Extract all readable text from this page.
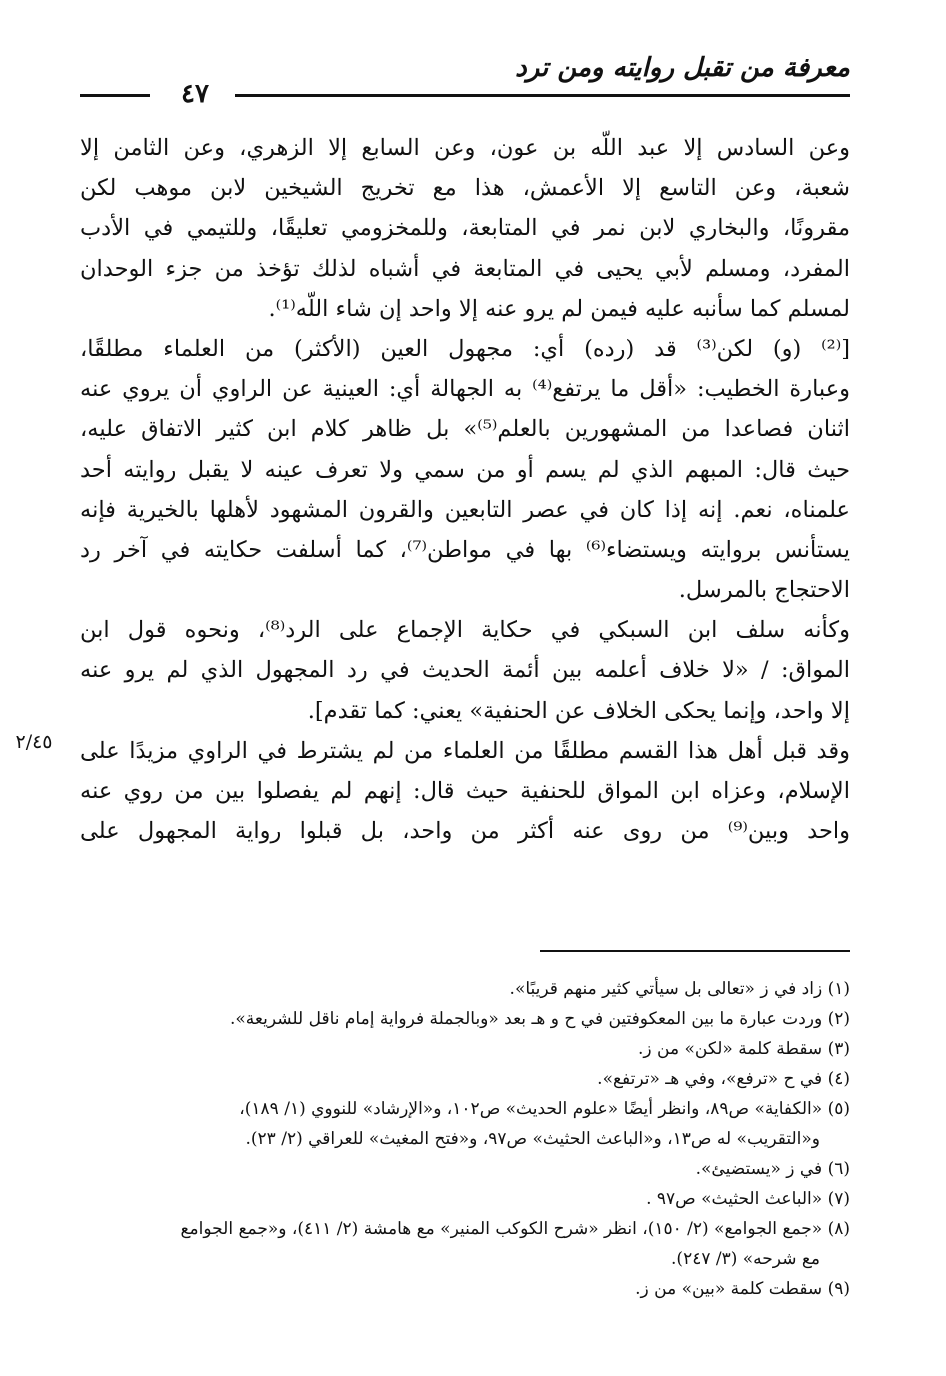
معرفة من تقبل روايته ومن ترد
٤٧
وعن السادس إلا عبد اللّه بن عون، وعن السابع إلا الزهري، وعن الثامن إلا
شعبة، وعن التاسع إلا الأعمش، هذا مع تخريج الشيخين لابن موهب لكن
مقرونًا، والبخاري لابن نمر في المتابعة، وللمخزومي تعليقًا، وللتيمي في الأدب
المفرد، ومسلم لأبي يحيى في المتابعة في أشباه لذلك تؤخذ من جزء الوحدان
لمسلم كما سأنبه عليه فيمن لم يرو عنه إلا واحد إن شاء اللّه⁽¹⁾.
[⁽²⁾ (و) لكن⁽³⁾ قد (رده) أي: مجهول العين (الأكثر) من العلماء مطلقًا،
وعبارة الخطيب: «أقل ما يرتفع⁽⁴⁾ به الجهالة أي: العينية عن الراوي أن يروي عنه
اثنان فصاعدا من المشهورين بالعلم⁽⁵⁾» بل ظاهر كلام ابن كثير الاتفاق عليه،
حيث قال: المبهم الذي لم يسم أو من سمي ولا تعرف عينه لا يقبل روايته أحد
علمناه، نعم. إنه إذا كان في عصر التابعين والقرون المشهود لأهلها بالخيرية فإنه
يستأنس بروايته ويستضاء⁽⁶⁾ بها في مواطن⁽⁷⁾، كما أسلفت حكايته في آخر رد
الاحتجاج بالمرسل.
وكأنه سلف ابن السبكي في حكاية الإجماع على الرد⁽⁸⁾، ونحوه قول ابن
المواق: / «لا خلاف أعلمه بين أئمة الحديث في رد المجهول الذي لم يرو عنه
إلا واحد، وإنما يحكى الخلاف عن الحنفية» يعني: كما تقدم].
وقد قبل أهل هذا القسم مطلقًا من العلماء من لم يشترط في الراوي مزيدًا على
الإسلام، وعزاه ابن المواق للحنفية حيث قال: إنهم لم يفصلوا بين من روي عنه
واحد وبين⁽⁹⁾ من روى عنه أكثر من واحد، بل قبلوا رواية المجهول على
٢/٤٥
(١) زاد في ز «تعالى بل سيأتي كثير منهم قريبًا».
(٢) وردت عبارة ما بين المعكوفتين في ح و هـ بعد «وبالجملة فرواية إمام ناقل للشريعة».
(٣) سقطة كلمة «لكن» من ز.
(٤) في ح «ترفع»، وفي هـ «ترتفع».
(٥) «الكفاية» ص٨٩، وانظر أيضًا «علوم الحديث» ص١٠٢، و«الإرشاد» للنووي (١/ ١٨٩)،
و«التقريب» له ص١٣، و«الباعث الحثيث» ص٩٧، و«فتح المغيث» للعراقي (٢/ ٢٣).
(٦) في ز «يستضيئ».
(٧) «الباعث الحثيث» ص٩٧ .
(٨) «جمع الجوامع» (٢/ ١٥٠)، انظر «شرح الكوكب المنير» مع هامشة (٢/ ٤١١)، و«جمع الجوامع
مع شرحه» (٣/ ٢٤٧).
(٩) سقطت كلمة «بين» من ز.
